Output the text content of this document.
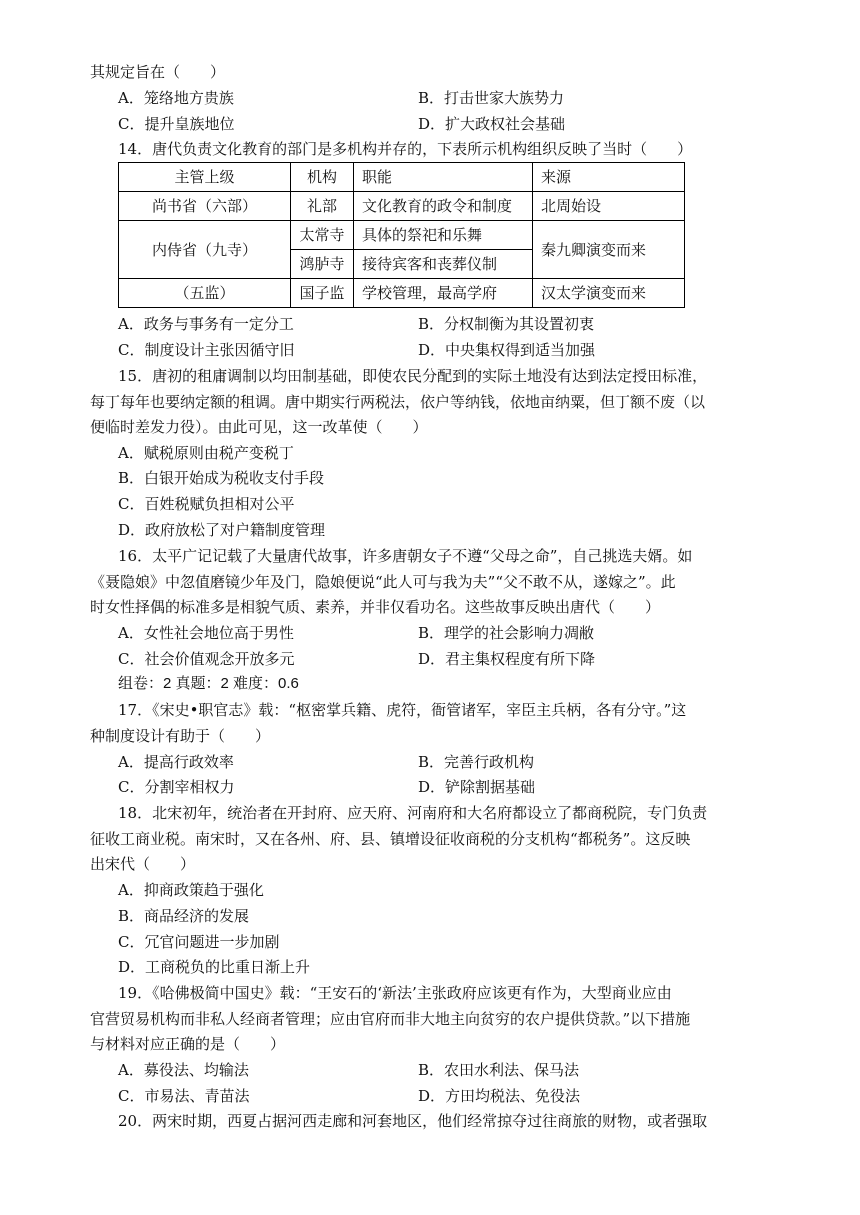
其规定旨在（　　）
A．笼络地方贵族	B．打击世家大族势力
C．提升皇族地位	D．扩大政权社会基础
14．唐代负责文化教育的部门是多机构并存的，下表所示机构组织反映了当时（　　）
主管上级	机构	职能	来源
尚书省（六部）	礼部	文化教育的政令和制度	北周始设
内侍省（九寺）	太常寺	具体的祭祀和乐舞	秦九卿演变而来
	鸿胪寺	接待宾客和丧葬仪制	
（五监）	国子监	学校管理，最高学府	汉太学演变而来
A．政务与事务有一定分工	B．分权制衡为其设置初衷
C．制度设计主张因循守旧	D．中央集权得到适当加强
15．唐初的租庸调制以均田制基础，即使农民分配到的实际土地没有达到法定授田标准，
每丁每年也要纳定额的租调。唐中期实行两税法，依户等纳钱，依地亩纳粟，但丁额不废（以
便临时差发力役）。由此可见，这一改革使（　　）
A．赋税原则由税产变税丁
B．白银开始成为税收支付手段
C．百姓税赋负担相对公平
D．政府放松了对户籍制度管理
16．太平广记记载了大量唐代故事，许多唐朝女子不遵“父母之命”，自己挑选夫婿。如
《聂隐娘》中忽值磨镜少年及门，隐娘便说“此人可与我为夫”“父不敢不从，遂嫁之”。此
时女性择偶的标准多是相貌气质、素养，并非仅看功名。这些故事反映出唐代（　　）
A．女性社会地位高于男性	B．理学的社会影响力凋敝
C．社会价值观念开放多元	D．君主集权程度有所下降
组卷：2 真题：2 难度：0.6
17．《宋史•职官志》载：“枢密掌兵籍、虎符，衙管诸军，宰臣主兵柄，各有分守。”这
种制度设计有助于（　　）
A．提高行政效率	B．完善行政机构
C．分割宰相权力	D．铲除割据基础
18．北宋初年，统治者在开封府、应天府、河南府和大名府都设立了都商税院，专门负责
征收工商业税。南宋时，又在各州、府、县、镇增设征收商税的分支机构“都税务”。这反映
出宋代（　　）
A．抑商政策趋于强化
B．商品经济的发展
C．冗官问题进一步加剧
D．工商税负的比重日渐上升
19．《哈佛极简中国史》载：“王安石的‘新法’主张政府应该更有作为，大型商业应由
官营贸易机构而非私人经商者管理；应由官府而非大地主向贫穷的农户提供贷款。”以下措施
与材料对应正确的是（　　）
A．募役法、均输法	B．农田水利法、保马法
C．市易法、青苗法	D．方田均税法、免役法
20．两宋时期，西夏占据河西走廊和河套地区，他们经常掠夺过往商旅的财物，或者强取
